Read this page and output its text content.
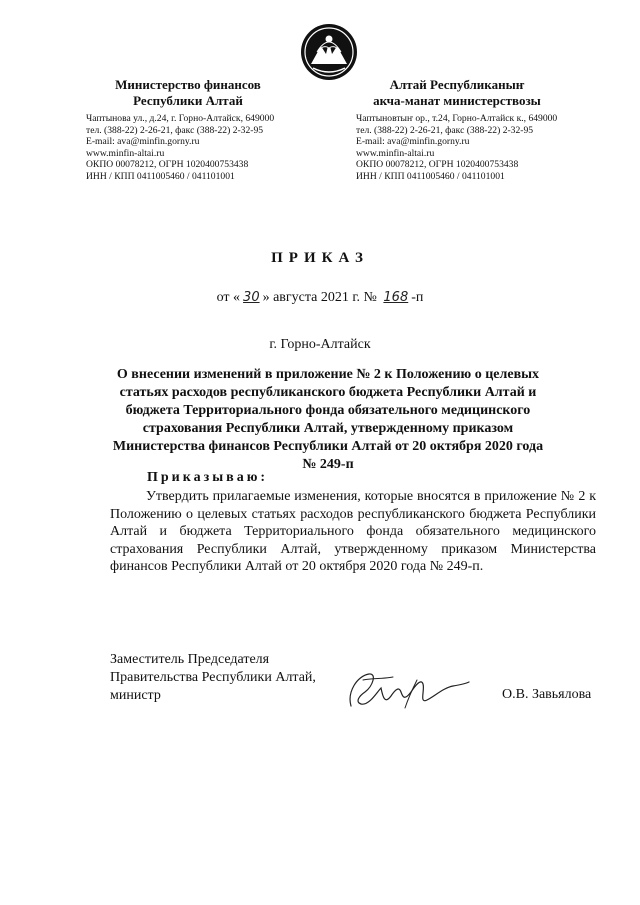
Министерство финансов
Республики Алтай
Чаптынова ул., д.24, г. Горно-Алтайск, 649000
тел. (388-22) 2-26-21, факс (388-22) 2-32-95
E-mail: ava@minfin.gorny.ru
www.minfin-altai.ru
ОКПО 00078212, ОГРН 1020400753438
ИНН / КПП 0411005460 / 041101001
Алтай Республиканыҥ
акча-манат министерствозы
Чаптыновтыҥ ор., т.24, Горно-Алтайск к., 649000
тел. (388-22) 2-26-21, факс (388-22) 2-32-95
E-mail: ava@minfin.gorny.ru
www.minfin-altai.ru
ОКПО 00078212, ОГРН 1020400753438
ИНН / КПП 0411005460 / 041101001
ПРИКАЗ
от « 30 » августа 2021 г. № 168 -п
г. Горно-Алтайск
О внесении изменений в приложение № 2 к Положению о целевых статьях расходов республиканского бюджета Республики Алтай и бюджета Территориального фонда обязательного медицинского страхования Республики Алтай, утвержденному приказом Министерства финансов Республики Алтай от 20 октября 2020 года № 249-п
Приказываю:
Утвердить прилагаемые изменения, которые вносятся в приложение № 2 к Положению о целевых статьях расходов республиканского бюджета Республики Алтай и бюджета Территориального фонда обязательного медицинского страхования Республики Алтай, утвержденному приказом Министерства финансов Республики Алтай от 20 октября 2020 года № 249-п.
Заместитель Председателя
Правительства Республики Алтай,
министр	О.В. Завьялова
